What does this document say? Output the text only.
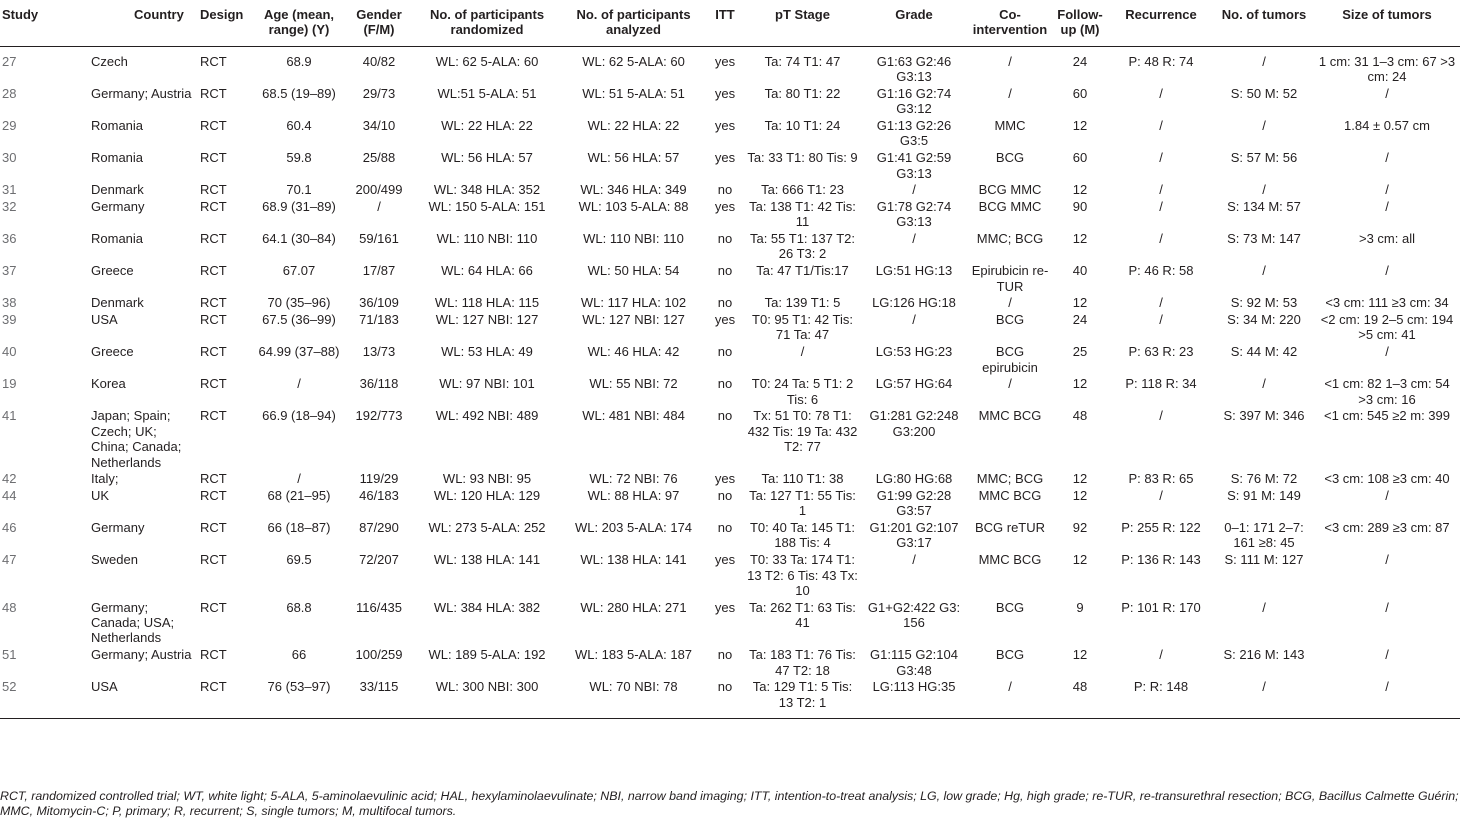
Study	Country	Design	Age (mean, range) (Y)	Gender (F/M)	No. of participants randomized	No. of participants analyzed	ITT	pT Stage	Grade	Co-intervention	Follow-up (M)	Recurrence	No. of tumors	Size of tumors
27	Czech	RCT	68.9	40/82	WL: 62 5-ALA: 60	WL: 62 5-ALA: 60	yes	Ta: 74 T1: 47	G1:63 G2:46 G3:13	/	24	P: 48 R: 74	/	1 cm: 31 1–3 cm: 67 >3 cm: 24
28	Germany; Austria	RCT	68.5 (19–89)	29/73	WL:51 5-ALA: 51	WL: 51 5-ALA: 51	yes	Ta: 80 T1: 22	G1:16 G2:74 G3:12	/	60	/	S: 50 M: 52	/
29	Romania	RCT	60.4	34/10	WL: 22 HLA: 22	WL: 22 HLA: 22	yes	Ta: 10 T1: 24	G1:13 G2:26 G3:5	MMC	12	/	/	1.84 ± 0.57 cm
30	Romania	RCT	59.8	25/88	WL: 56 HLA: 57	WL: 56 HLA: 57	yes	Ta: 33 T1: 80 Tis: 9	G1:41 G2:59 G3:13	BCG	60	/	S: 57 M: 56	/
31	Denmark	RCT	70.1	200/499	WL: 348 HLA: 352	WL: 346 HLA: 349	no	Ta: 666 T1: 23	/	BCG MMC	12	/	/	/
32	Germany	RCT	68.9 (31–89)	/	WL: 150 5-ALA: 151	WL: 103 5-ALA: 88	yes	Ta: 138 T1: 42 Tis: 11	G1:78 G2:74 G3:13	BCG MMC	90	/	S: 134 M: 57	/
36	Romania	RCT	64.1 (30–84)	59/161	WL: 110 NBI: 110	WL: 110 NBI: 110	no	Ta: 55 T1: 137 T2: 26 T3: 2	/	MMC; BCG	12	/	S: 73 M: 147	>3 cm: all
37	Greece	RCT	67.07	17/87	WL: 64 HLA: 66	WL: 50 HLA: 54	no	Ta: 47 T1/Tis:17	LG:51 HG:13	Epirubicin re-TUR	40	P: 46 R: 58	/	/
38	Denmark	RCT	70 (35–96)	36/109	WL: 118 HLA: 115	WL: 117 HLA: 102	no	Ta: 139 T1: 5	LG:126 HG:18	/	12	/	S: 92 M: 53	<3 cm: 111 ≥3 cm: 34
39	USA	RCT	67.5 (36–99)	71/183	WL: 127 NBI: 127	WL: 127 NBI: 127	yes	T0: 95 T1: 42 Tis: 71 Ta: 47	/	BCG	24	/	S: 34 M: 220	<2 cm: 19 2–5 cm: 194 >5 cm: 41
40	Greece	RCT	64.99 (37–88)	13/73	WL: 53 HLA: 49	WL: 46 HLA: 42	no	/	LG:53 HG:23	BCG epirubicin	25	P: 63 R: 23	S: 44 M: 42	/
19	Korea	RCT	/	36/118	WL: 97 NBI: 101	WL: 55 NBI: 72	no	T0: 24 Ta: 5 T1: 2 Tis: 6	LG:57 HG:64	/	12	P: 118 R: 34	/	<1 cm: 82 1–3 cm: 54 >3 cm: 16
41	Japan; Spain; Czech; UK; China; Canada; Netherlands	RCT	66.9 (18–94)	192/773	WL: 492 NBI: 489	WL: 481 NBI: 484	no	Tx: 51 T0: 78 T1: 432 Tis: 19 Ta: 432 T2: 77	G1:281 G2:248 G3:200	MMC BCG	48	/	S: 397 M: 346	<1 cm: 545 ≥2 m: 399
42	Italy;	RCT	/	119/29	WL: 93 NBI: 95	WL: 72 NBI: 76	yes	Ta: 110 T1: 38	LG:80 HG:68	MMC; BCG	12	P: 83 R: 65	S: 76 M: 72	<3 cm: 108 ≥3 cm: 40
44	UK	RCT	68 (21–95)	46/183	WL: 120 HLA: 129	WL: 88 HLA: 97	no	Ta: 127 T1: 55 Tis: 1	G1:99 G2:28 G3:57	MMC BCG	12	/	S: 91 M: 149	/
46	Germany	RCT	66 (18–87)	87/290	WL: 273 5-ALA: 252	WL: 203 5-ALA: 174	no	T0: 40 Ta: 145 T1: 188 Tis: 4	G1:201 G2:107 G3:17	BCG reTUR	92	P: 255 R: 122	0–1: 171 2–7: 161 ≥8: 45	<3 cm: 289 ≥3 cm: 87
47	Sweden	RCT	69.5	72/207	WL: 138 HLA: 141	WL: 138 HLA: 141	yes	T0: 33 Ta: 174 T1: 13 T2: 6 Tis: 43 Tx: 10	/	MMC BCG	12	P: 136 R: 143	S: 111 M: 127	/
48	Germany; Canada; USA; Netherlands	RCT	68.8	116/435	WL: 384 HLA: 382	WL: 280 HLA: 271	yes	Ta: 262 T1: 63 Tis: 41	G1+G2:422 G3: 156	BCG	9	P: 101 R: 170	/	/
51	Germany; Austria	RCT	66	100/259	WL: 189 5-ALA: 192	WL: 183 5-ALA: 187	no	Ta: 183 T1: 76 Tis: 47 T2: 18	G1:115 G2:104 G3:48	BCG	12	/	S: 216 M: 143	/
52	USA	RCT	76 (53–97)	33/115	WL: 300 NBI: 300	WL: 70 NBI: 78	no	Ta: 129 T1: 5 Tis: 13 T2: 1	LG:113 HG:35	/	48	P: R: 148	/	/
RCT, randomized controlled trial; WT, white light; 5-ALA, 5-aminolaevulinic acid; HAL, hexylaminolaevulinate; NBI, narrow band imaging; ITT, intention-to-treat analysis; LG, low grade; Hg, high grade; re-TUR, re-transurethral resection; BCG, Bacillus Calmette Guérin; MMC, Mitomycin-C; P, primary; R, recurrent; S, single tumors; M, multifocal tumors.
